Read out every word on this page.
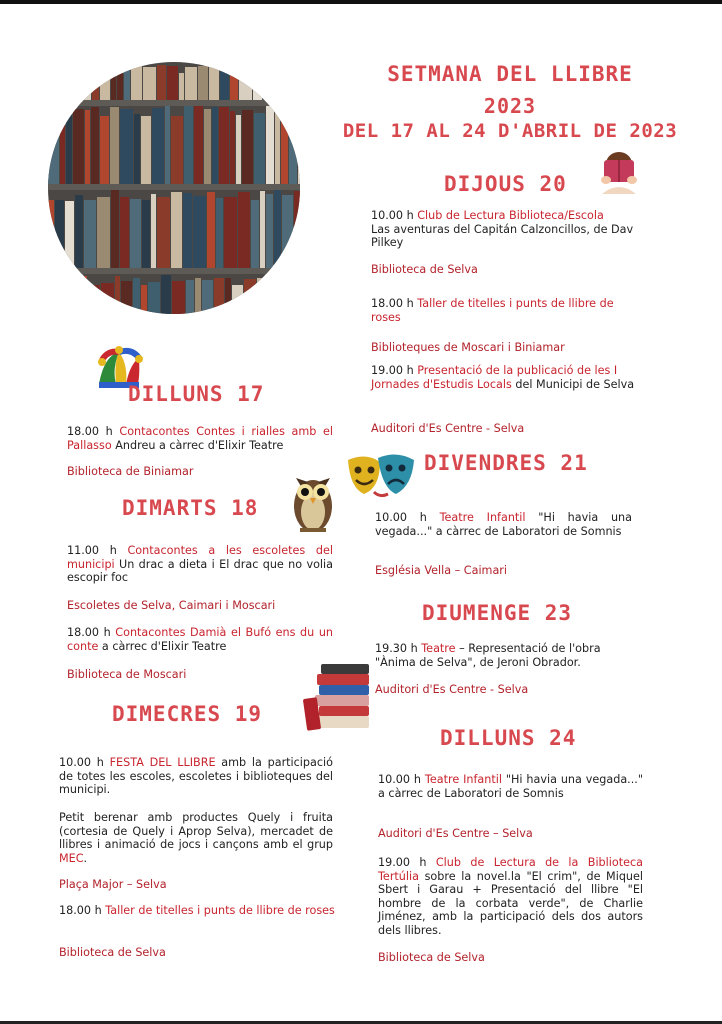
SETMANA DEL LLIBRE
2023
DEL 17 AL 24 D'ABRIL DE 2023
DILLUNS 17
18.00 h Contacontes Contes i rialles amb el Pallasso Andreu a càrrec d'Elixir Teatre
Biblioteca de Biniamar
DIMARTS 18
11.00 h Contacontes a les escoletes del municipi Un drac a dieta i El drac que no volia escopir foc
Escoletes de Selva, Caimari i Moscari
18.00 h Contacontes Damià el Bufó ens du un conte a càrrec d'Elixir Teatre
Biblioteca de Moscari
DIMECRES 19
10.00 h FESTA DEL LLIBRE amb la participació de totes les escoles, escoletes i biblioteques del municipi.
Petit berenar amb productes Quely i fruita (cortesia de Quely i Aprop Selva), mercadet de llibres i animació de jocs i cançons amb el grup MEC.
Plaça Major – Selva
18.00 h Taller de titelles i punts de llibre de roses
Biblioteca de Selva
DIJOUS 20
10.00 h Club de Lectura Biblioteca/Escola
Las aventuras del Capitán Calzoncillos, de Dav Pilkey
Biblioteca de Selva
18.00 h Taller de titelles i punts de llibre de roses
Biblioteques de Moscari i Biniamar
19.00 h Presentació de la publicació de les I Jornades d'Estudis Locals del Municipi de Selva
Auditori d'Es Centre - Selva
DIVENDRES 21
10.00 h Teatre Infantil "Hi havia una vegada..." a càrrec de Laboratori de Somnis
Església Vella – Caimari
DIUMENGE 23
19.30 h Teatre – Representació de l'obra "Ànima de Selva", de Jeroni Obrador.
Auditori d'Es Centre - Selva
DILLUNS 24
10.00 h Teatre Infantil "Hi havia una vegada..." a càrrec de Laboratori de Somnis
Auditori d'Es Centre – Selva
19.00 h Club de Lectura de la Biblioteca Tertúlia sobre la novel.la "El crim", de Miquel Sbert i Garau + Presentació del llibre "El hombre de la corbata verde", de Charlie Jiménez, amb la participació dels dos autors dels llibres.
Biblioteca de Selva
